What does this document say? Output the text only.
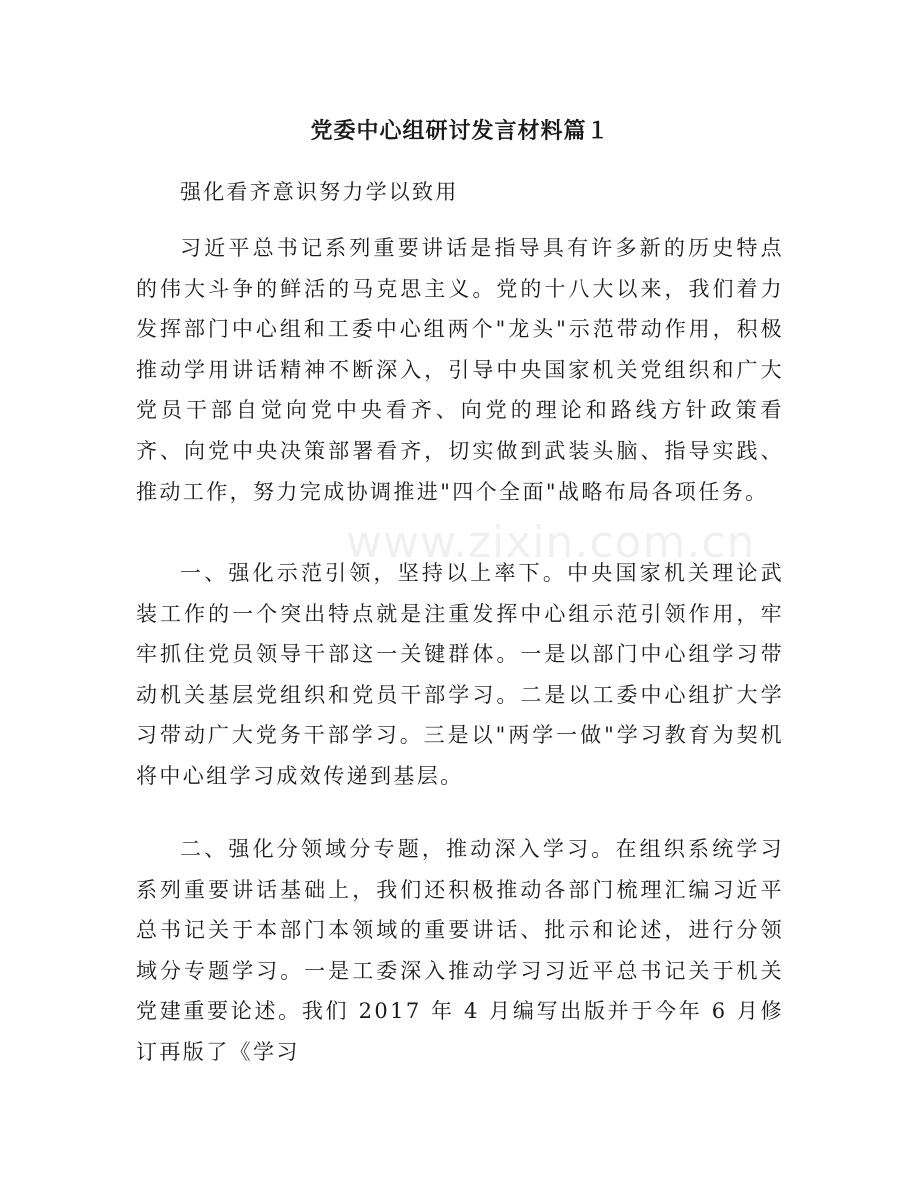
www.zixin.com.cn
党委中心组研讨发言材料篇１
强化看齐意识努力学以致用

习近平总书记系列重要讲话是指导具有许多新的历史特点的伟大斗争的鲜活的马克思主义。党的十八大以来，我们着力发挥部门中心组和工委中心组两个"龙头"示范带动作用，积极推动学用讲话精神不断深入，引导中央国家机关党组织和广大党员干部自觉向党中央看齐、向党的理论和路线方针政策看齐、向党中央决策部署看齐，切实做到武装头脑、指导实践、推动工作，努力完成协调推进"四个全面"战略布局各项任务。

一、强化示范引领，坚持以上率下。中央国家机关理论武装工作的一个突出特点就是注重发挥中心组示范引领作用，牢牢抓住党员领导干部这一关键群体。一是以部门中心组学习带动机关基层党组织和党员干部学习。二是以工委中心组扩大学习带动广大党务干部学习。三是以"两学一做"学习教育为契机将中心组学习成效传递到基层。

二、强化分领域分专题，推动深入学习。在组织系统学习系列重要讲话基础上，我们还积极推动各部门梳理汇编习近平总书记关于本部门本领域的重要讲话、批示和论述，进行分领域分专题学习。一是工委深入推动学习习近平总书记关于机关党建重要论述。我们 2017 年 4 月编写出版并于今年 6 月修订再版了《学习
